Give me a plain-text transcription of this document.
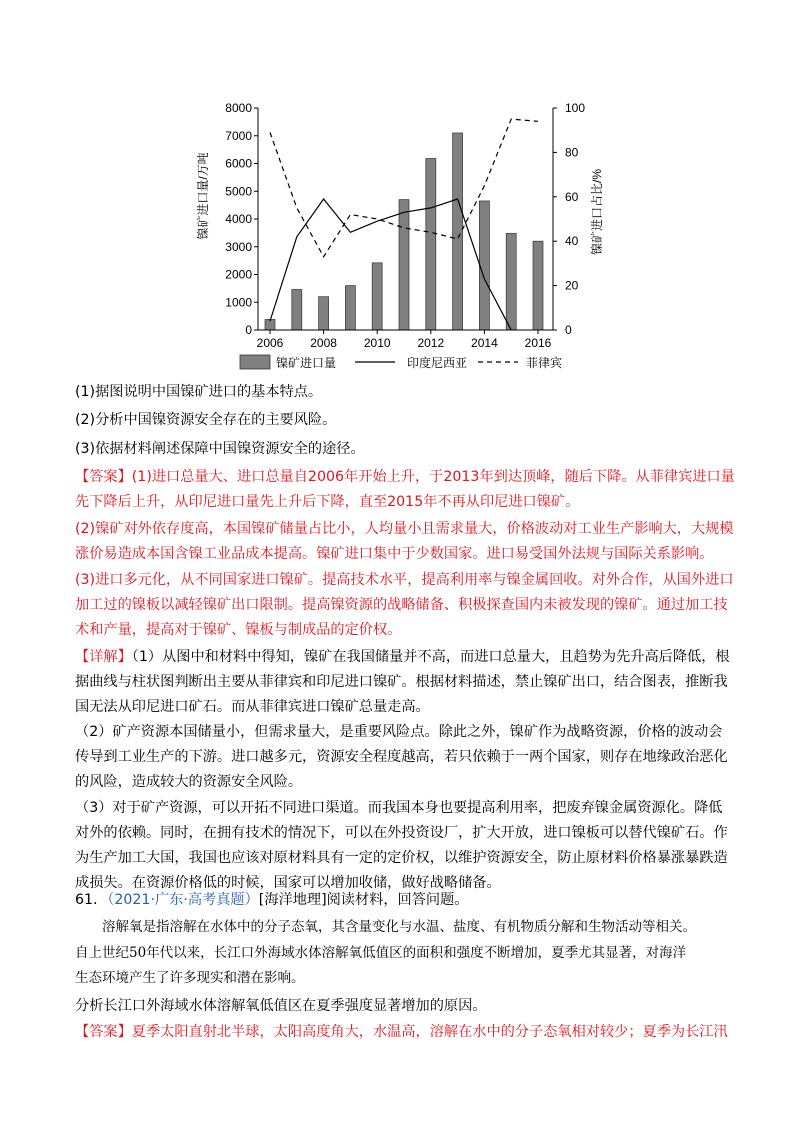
0
1000
2000
3000
4000
5000
6000
7000
8000
0
20
40
60
80
100
2006 2008 2010 2012 2014 2016
镍矿进口量/万吨	镍矿进口占比/%
镍矿进口量	印度尼西亚	菲律宾

(1)据图说明中国镍矿进口的基本特点。

(2)分析中国镍资源安全存在的主要风险。

(3)依据材料阐述保障中国镍资源安全的途径。

【答案】(1)进口总量大、进口总量自2006年开始上升，于2013年到达顶峰，随后下降。从菲律宾进口量先下降后上升，从印尼进口量先上升后下降，直至2015年不再从印尼进口镍矿。

(2)镍矿对外依存度高，本国镍矿储量占比小，人均量小且需求量大，价格波动对工业生产影响大，大规模涨价易造成本国含镍工业品成本提高。镍矿进口集中于少数国家。进口易受国外法规与国际关系影响。

(3)进口多元化，从不同国家进口镍矿。提高技术水平，提高利用率与镍金属回收。对外合作，从国外进口加工过的镍板以减轻镍矿出口限制。提高镍资源的战略储备、积极探查国内未被发现的镍矿。通过加工技术和产量，提高对于镍矿、镍板与制成品的定价权。

【详解】（1）从图中和材料中得知，镍矿在我国储量并不高，而进口总量大，且趋势为先升高后降低，根据曲线与柱状图判断出主要从菲律宾和印尼进口镍矿。根据材料描述，禁止镍矿出口，结合图表，推断我国无法从印尼进口矿石。而从菲律宾进口镍矿总量走高。

（2）矿产资源本国储量小，但需求量大，是重要风险点。除此之外，镍矿作为战略资源，价格的波动会传导到工业生产的下游。进口越多元，资源安全程度越高，若只依赖于一两个国家，则存在地缘政治恶化的风险，造成较大的资源安全风险。

（3）对于矿产资源，可以开拓不同进口渠道。而我国本身也要提高利用率，把废弃镍金属资源化。降低对外的依赖。同时，在拥有技术的情况下，可以在外投资设厂，扩大开放，进口镍板可以替代镍矿石。作为生产加工大国，我国也应该对原材料具有一定的定价权，以维护资源安全，防止原材料价格暴涨暴跌造成损失。在资源价格低的时候，国家可以增加收储，做好战略储备。

61．（2021·广东·高考真题）[海洋地理]阅读材料，回答问题。

溶解氧是指溶解在水体中的分子态氧，其含量变化与水温、盐度、有机物质分解和生物活动等相关。

自上世纪50年代以来，长江口外海域水体溶解氧低值区的面积和强度不断增加，夏季尤其显著，对海洋

生态环境产生了许多现实和潜在影响。

分析长江口外海域水体溶解氧低值区在夏季强度显著增加的原因。

【答案】夏季太阳直射北半球，太阳高度角大，水温高，溶解在水中的分子态氧相对较少；夏季为长江汛
